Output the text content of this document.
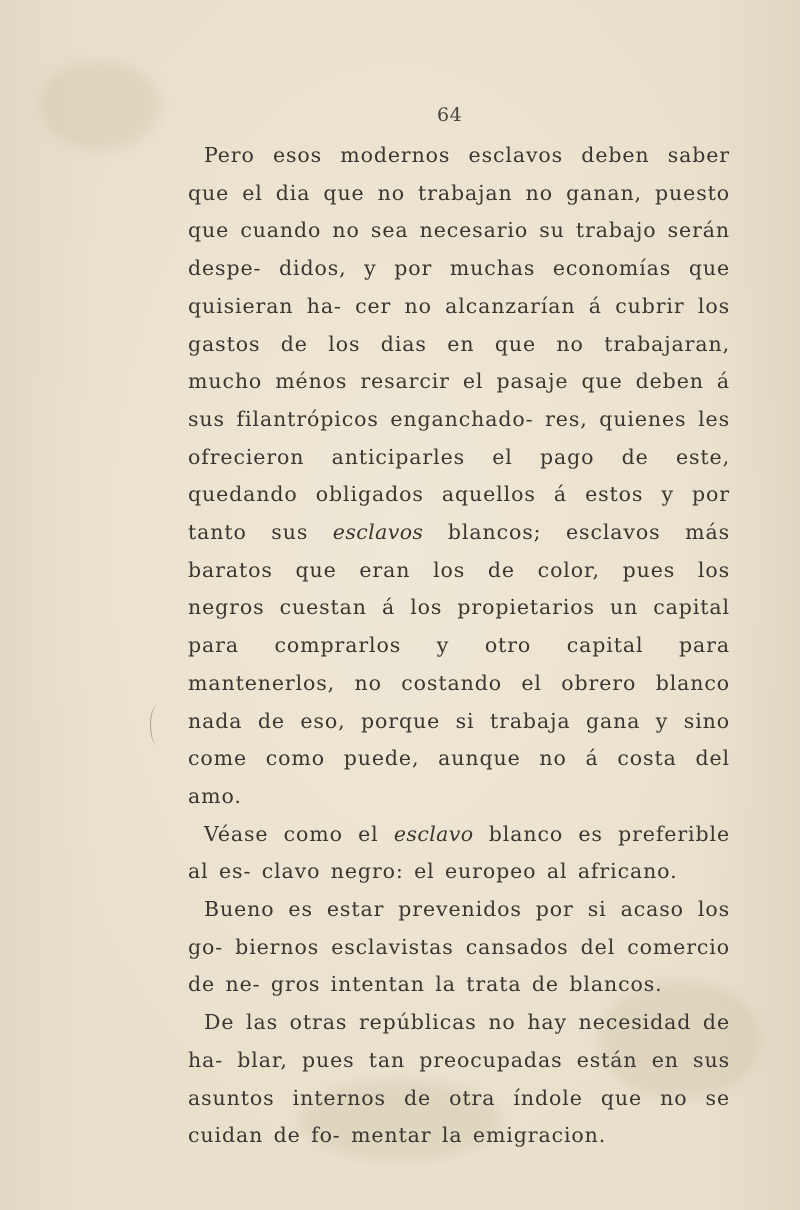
64

Pero esos modernos esclavos deben saber que el dia que no trabajan no ganan, puesto que cuando no sea necesario su trabajo serán despe- didos, y por muchas economías que quisieran ha- cer no alcanzarían á cubrir los gastos de los dias en que no trabajaran, mucho ménos resarcir el pasaje que deben á sus filantrópicos enganchado- res, quienes les ofrecieron anticiparles el pago de este, quedando obligados aquellos á estos y por tanto sus esclavos blancos; esclavos más baratos que eran los de color, pues los negros cuestan á los propietarios un capital para comprarlos y otro capital para mantenerlos, no costando el obrero blanco nada de eso, porque si trabaja gana y sino come como puede, aunque no á costa del amo.

Véase como el esclavo blanco es preferible al es- clavo negro: el europeo al africano.

Bueno es estar prevenidos por si acaso los go- biernos esclavistas cansados del comercio de ne- gros intentan la trata de blancos.

De las otras repúblicas no hay necesidad de ha- blar, pues tan preocupadas están en sus asuntos internos de otra índole que no se cuidan de fo- mentar la emigracion.
